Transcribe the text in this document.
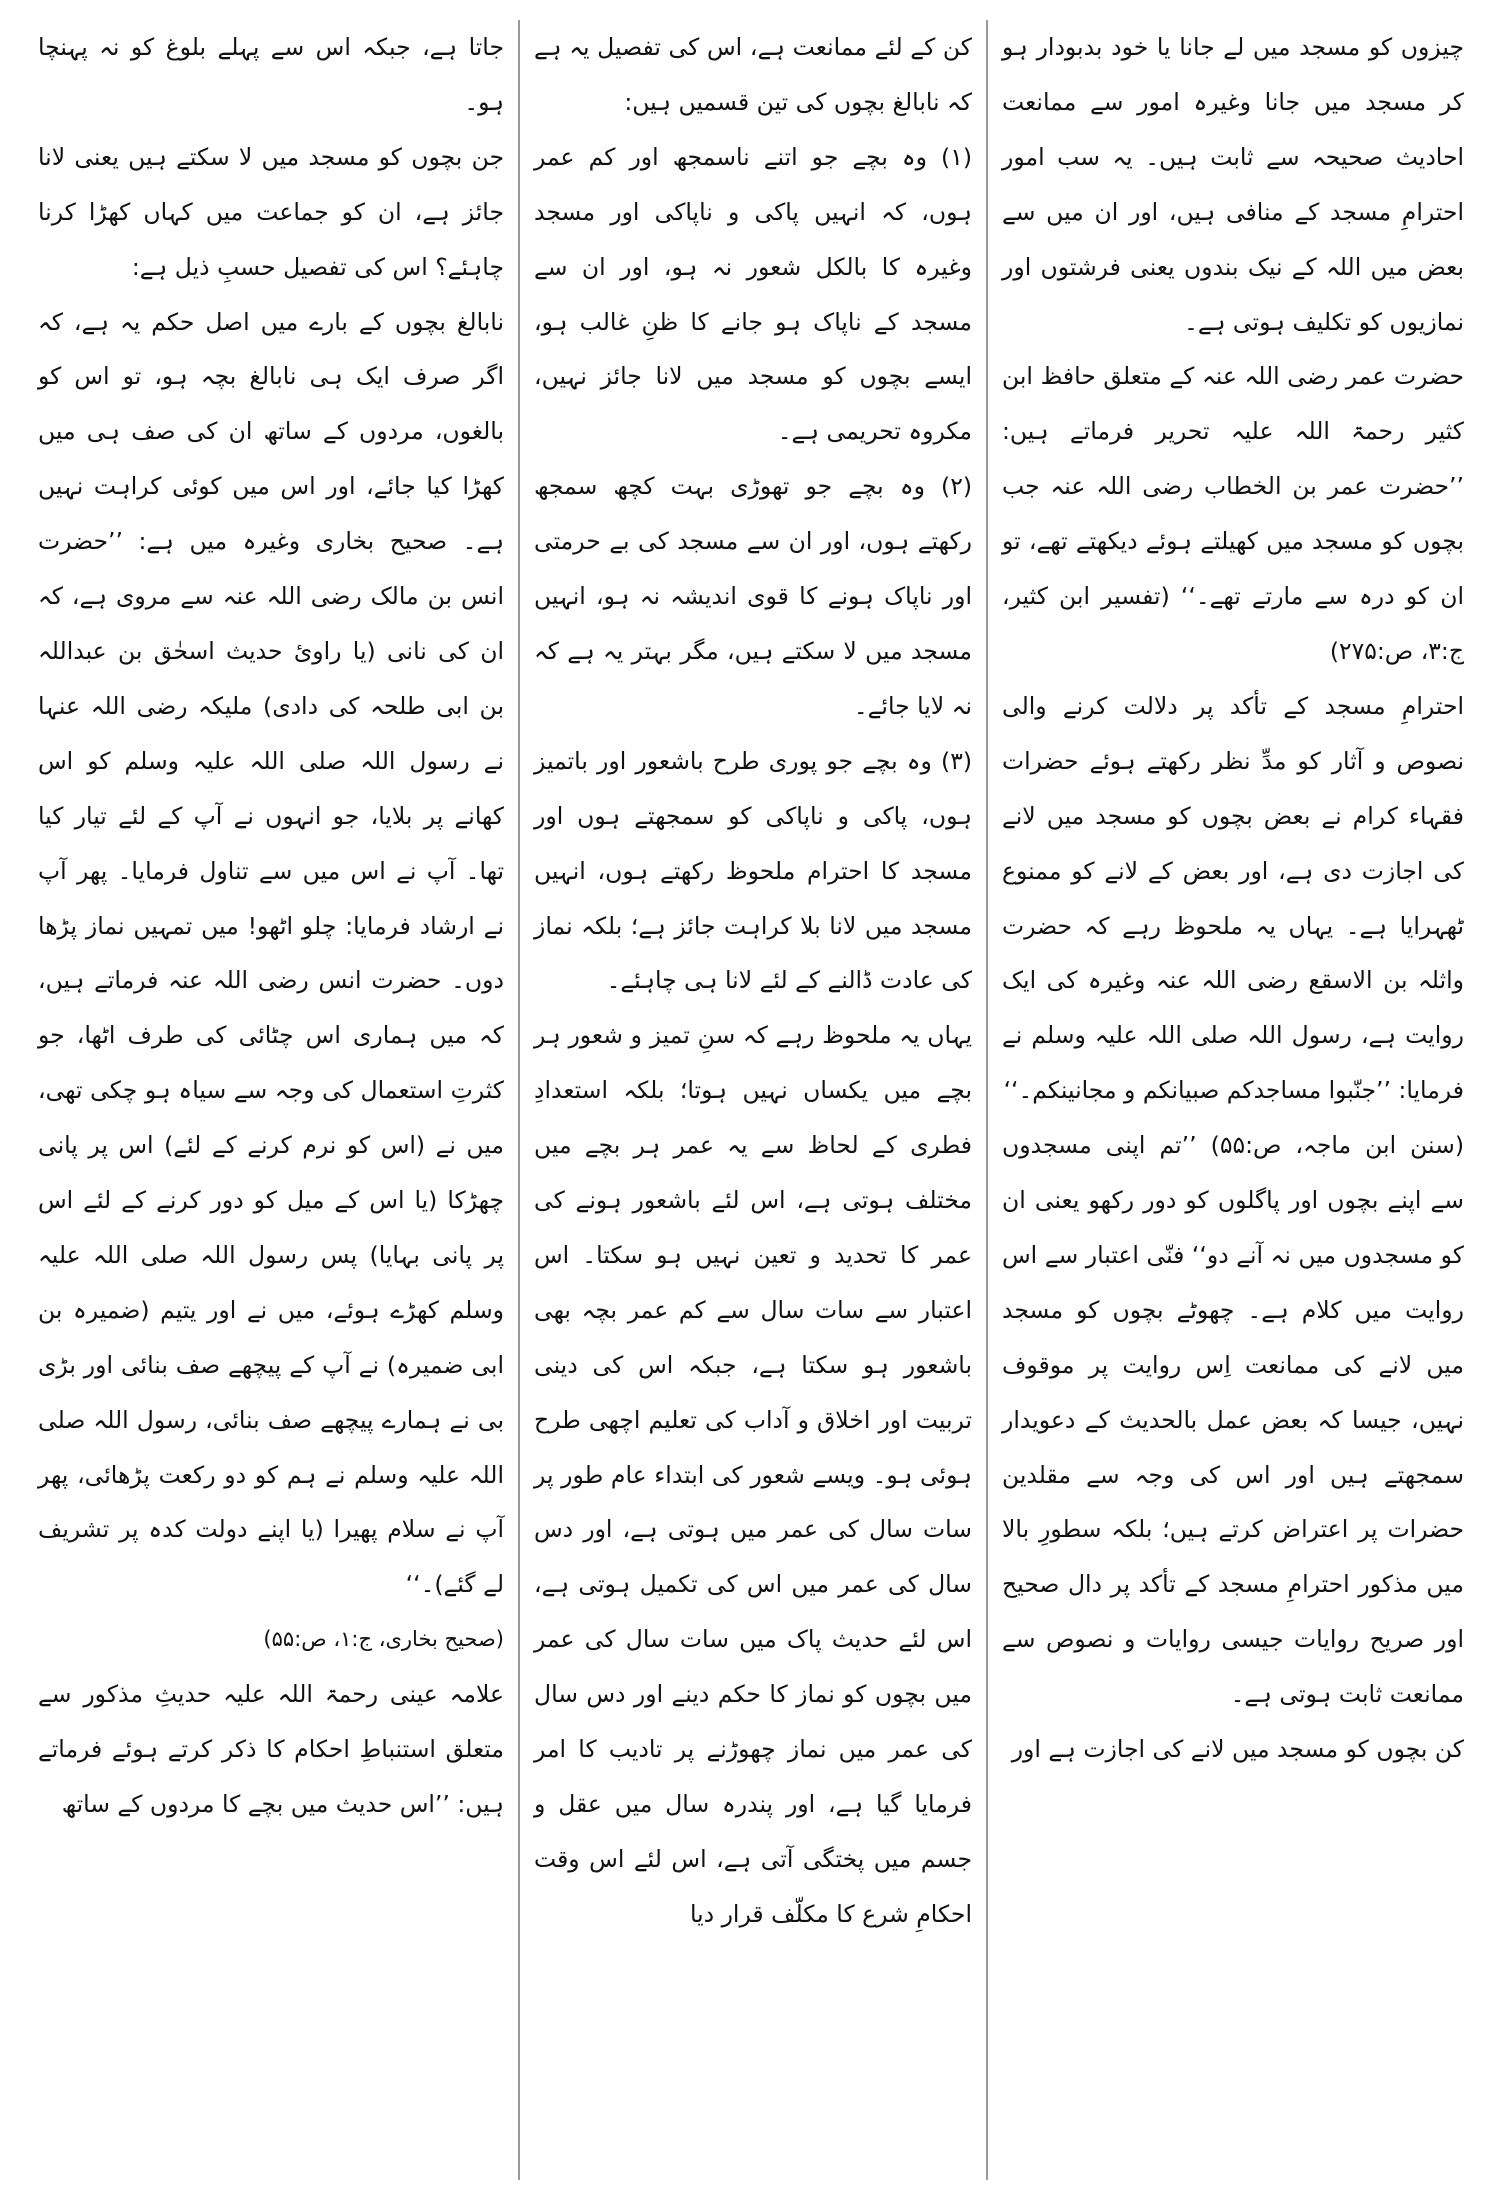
چیزوں کو مسجد میں لے جانا یا خود بدبودار ہو کر مسجد میں جانا وغیرہ امور سے ممانعت احادیث صحیحہ سے ثابت ہیں۔ یہ سب امور احترامِ مسجد کے منافی ہیں، اور ان میں سے بعض میں اللہ کے نیک بندوں یعنی فرشتوں اور نمازیوں کو تکلیف ہوتی ہے۔

حضرت عمر رضی اللہ عنہ کے متعلق حافظ ابن کثیر رحمۃ اللہ علیہ تحریر فرماتے ہیں: ’’حضرت عمر بن الخطاب رضی اللہ عنہ جب بچوں کو مسجد میں کھیلتے ہوئے دیکھتے تھے، تو ان کو درہ سے مارتے تھے۔‘‘ (تفسیر ابن کثیر، ج:۳، ص:۲۷۵)

احترامِ مسجد کے تأکد پر دلالت کرنے والی نصوص و آثار کو مدِّ نظر رکھتے ہوئے حضرات فقہاء کرام نے بعض بچوں کو مسجد میں لانے کی اجازت دی ہے، اور بعض کے لانے کو ممنوع ٹھہرایا ہے۔ یہاں یہ ملحوظ رہے کہ حضرت واثلہ بن الاسقع رضی اللہ عنہ وغیرہ کی ایک روایت ہے، رسول اللہ صلی اللہ علیہ وسلم نے فرمایا: ’’جنّبوا مساجدکم صبیانکم و مجانینکم۔‘‘

(سنن ابن ماجہ، ص:۵۵) ’’تم اپنی مسجدوں سے اپنے بچوں اور پاگلوں کو دور رکھو یعنی ان کو مسجدوں میں نہ آنے دو‘‘ فنّی اعتبار سے اس روایت میں کلام ہے۔ چھوٹے بچوں کو مسجد میں لانے کی ممانعت اِس روایت پر موقوف نہیں، جیسا کہ بعض عمل بالحدیث کے دعویدار سمجھتے ہیں اور اس کی وجہ سے مقلدین حضرات پر اعتراض کرتے ہیں؛ بلکہ سطورِ بالا میں مذکور احترامِ مسجد کے تأکد پر دال صحیح اور صریح روایات جیسی روایات و نصوص سے ممانعت ثابت ہوتی ہے۔

کن بچوں کو مسجد میں لانے کی اجازت ہے اور

کن کے لئے ممانعت ہے، اس کی تفصیل یہ ہے کہ نابالغ بچوں کی تین قسمیں ہیں:

(۱) وہ بچے جو اتنے ناسمجھ اور کم عمر ہوں، کہ انہیں پاکی و ناپاکی اور مسجد وغیرہ کا بالکل شعور نہ ہو، اور ان سے مسجد کے ناپاک ہو جانے کا ظنِ غالب ہو، ایسے بچوں کو مسجد میں لانا جائز نہیں، مکروہ تحریمی ہے۔

(۲) وہ بچے جو تھوڑی بہت کچھ سمجھ رکھتے ہوں، اور ان سے مسجد کی بے حرمتی اور ناپاک ہونے کا قوی اندیشہ نہ ہو، انہیں مسجد میں لا سکتے ہیں، مگر بہتر یہ ہے کہ نہ لایا جائے۔

(۳) وہ بچے جو پوری طرح باشعور اور باتمیز ہوں، پاکی و ناپاکی کو سمجھتے ہوں اور مسجد کا احترام ملحوظ رکھتے ہوں، انہیں مسجد میں لانا بلا کراہت جائز ہے؛ بلکہ نماز کی عادت ڈالنے کے لئے لانا ہی چاہئے۔

یہاں یہ ملحوظ رہے کہ سنِ تمیز و شعور ہر بچے میں یکساں نہیں ہوتا؛ بلکہ استعدادِ فطری کے لحاظ سے یہ عمر ہر بچے میں مختلف ہوتی ہے، اس لئے باشعور ہونے کی عمر کا تحدید و تعین نہیں ہو سکتا۔ اس اعتبار سے سات سال سے کم عمر بچہ بھی باشعور ہو سکتا ہے، جبکہ اس کی دینی تربیت اور اخلاق و آداب کی تعلیم اچھی طرح ہوئی ہو۔ ویسے شعور کی ابتداء عام طور پر سات سال کی عمر میں ہوتی ہے، اور دس سال کی عمر میں اس کی تکمیل ہوتی ہے، اس لئے حدیث پاک میں سات سال کی عمر میں بچوں کو نماز کا حکم دینے اور دس سال کی عمر میں نماز چھوڑنے پر تادیب کا امر فرمایا گیا ہے، اور پندرہ سال میں عقل و جسم میں پختگی آتی ہے، اس لئے اس وقت احکامِ شرع کا مکلّف قرار دیا

جاتا ہے، جبکہ اس سے پہلے بلوغ کو نہ پہنچا ہو۔

جن بچوں کو مسجد میں لا سکتے ہیں یعنی لانا جائز ہے، ان کو جماعت میں کہاں کھڑا کرنا چاہئے؟ اس کی تفصیل حسبِ ذیل ہے:

نابالغ بچوں کے بارے میں اصل حکم یہ ہے، کہ اگر صرف ایک ہی نابالغ بچہ ہو، تو اس کو بالغوں، مردوں کے ساتھ ان کی صف ہی میں کھڑا کیا جائے، اور اس میں کوئی کراہت نہیں ہے۔ صحیح بخاری وغیرہ میں ہے: ’’حضرت انس بن مالک رضی اللہ عنہ سے مروی ہے، کہ ان کی نانی (یا راویٔ حدیث اسحٰق بن عبداللہ بن ابی طلحہ کی دادی) ملیکہ رضی اللہ عنہا نے رسول اللہ صلی اللہ علیہ وسلم کو اس کھانے پر بلایا، جو انہوں نے آپ کے لئے تیار کیا تھا۔ آپ نے اس میں سے تناول فرمایا۔ پھر آپ نے ارشاد فرمایا: چلو اٹھو! میں تمہیں نماز پڑھا دوں۔ حضرت انس رضی اللہ عنہ فرماتے ہیں، کہ میں ہماری اس چٹائی کی طرف اٹھا، جو کثرتِ استعمال کی وجہ سے سیاہ ہو چکی تھی، میں نے (اس کو نرم کرنے کے لئے) اس پر پانی چھڑکا (یا اس کے میل کو دور کرنے کے لئے اس پر پانی بہایا) پس رسول اللہ صلی اللہ علیہ وسلم کھڑے ہوئے، میں نے اور یتیم (ضمیرہ بن ابی ضمیرہ) نے آپ کے پیچھے صف بنائی اور بڑی بی نے ہمارے پیچھے صف بنائی، رسول اللہ صلی اللہ علیہ وسلم نے ہم کو دو رکعت پڑھائی، پھر آپ نے سلام پھیرا (یا اپنے دولت کدہ پر تشریف لے گئے)۔‘‘

(صحیح بخاری، ج:۱، ص:۵۵)

علامہ عینی رحمۃ اللہ علیہ حدیثِ مذکور سے متعلق استنباطِ احکام کا ذکر کرتے ہوئے فرماتے ہیں: ’’اس حدیث میں بچے کا مردوں کے ساتھ
